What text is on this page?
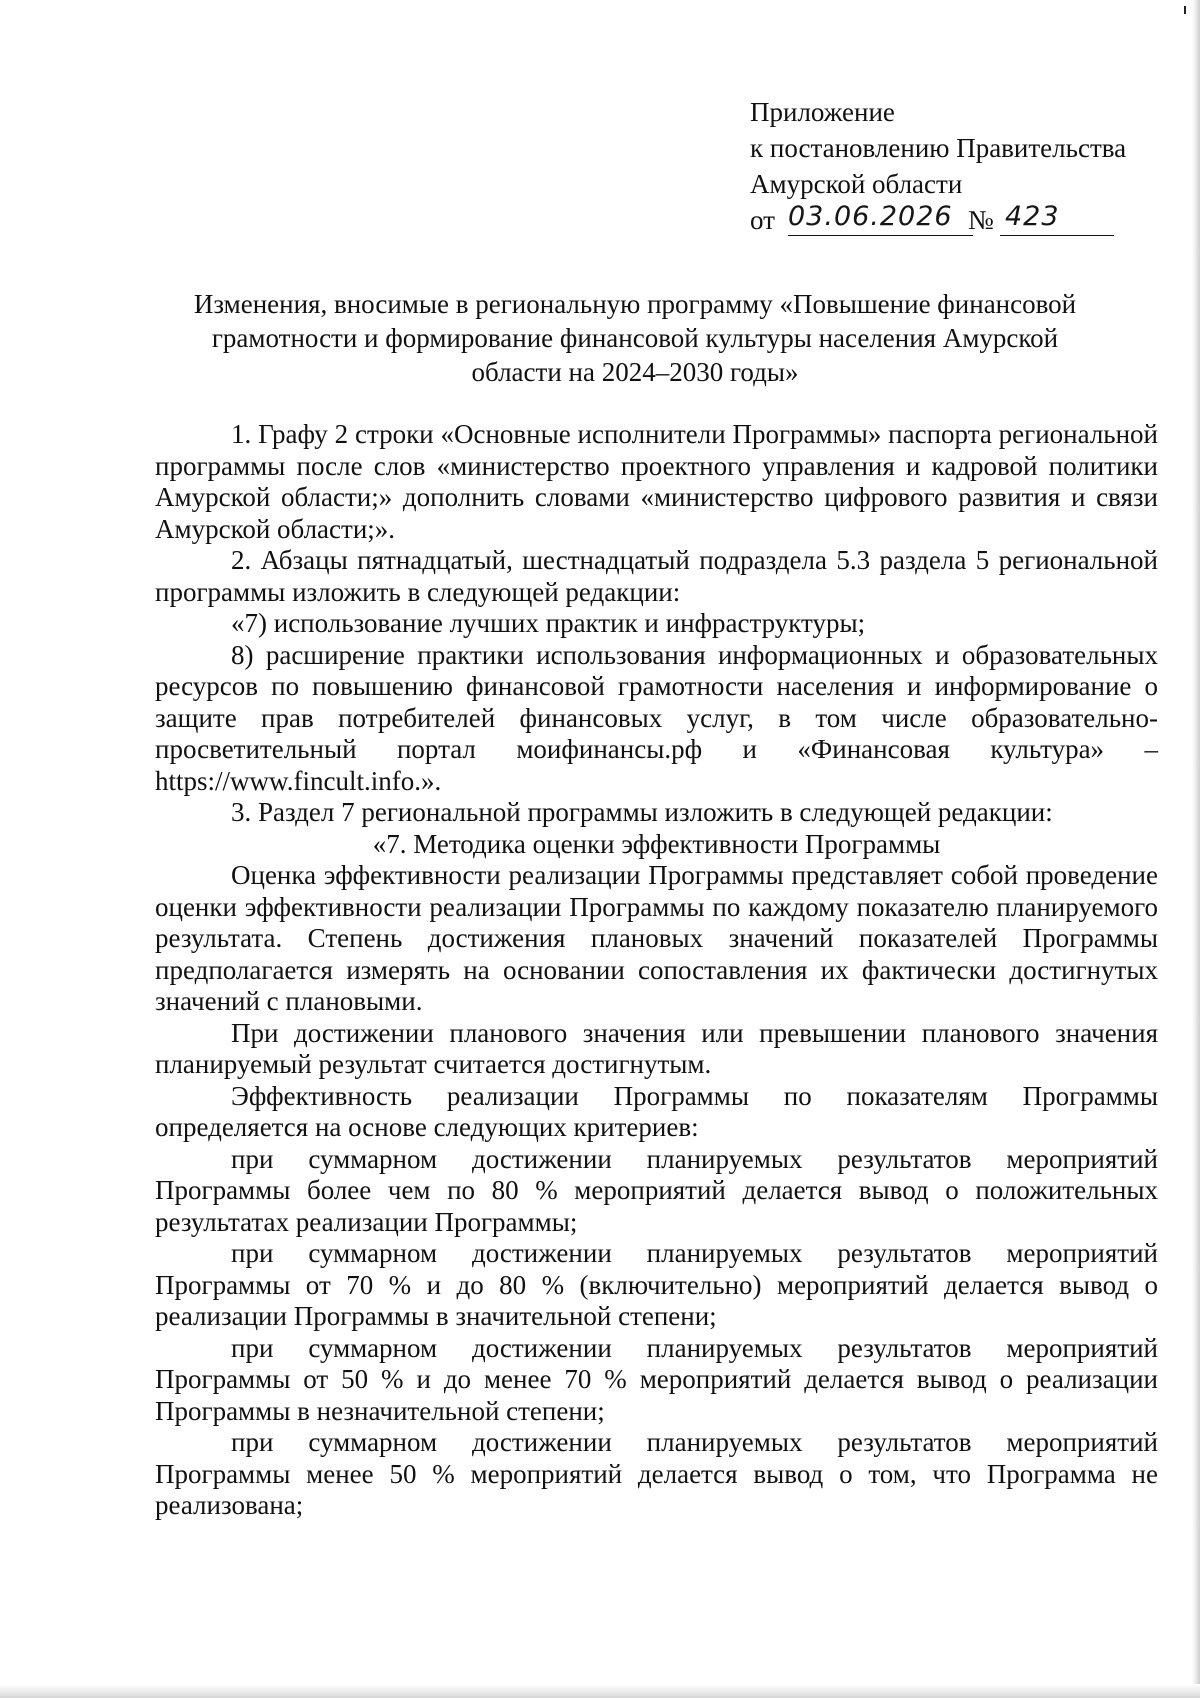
Приложение
к постановлению Правительства
Амурской области
от 03.06.2026 № 423
Изменения, вносимые в региональную программу «Повышение финансовой
грамотности и формирование финансовой культуры населения Амурской
области на 2024–2030 годы»

1. Графу 2 строки «Основные исполнители Программы» паспорта региональной программы после слов «министерство проектного управления и кадровой политики Амурской области;» дополнить словами «министерство цифрового развития и связи Амурской области;».

2. Абзацы пятнадцатый, шестнадцатый подраздела 5.3 раздела 5 региональной программы изложить в следующей редакции:

«7) использование лучших практик и инфраструктуры;

8) расширение практики использования информационных и образовательных ресурсов по повышению финансовой грамотности населения и информирование о защите прав потребителей финансовых услуг, в том числе образовательно-просветительный портал моифинансы.рф и «Финансовая культура» – https://www.fincult.info.».

3. Раздел 7 региональной программы изложить в следующей редакции:

«7. Методика оценки эффективности Программы

Оценка эффективности реализации Программы представляет собой проведение оценки эффективности реализации Программы по каждому показателю планируемого результата. Степень достижения плановых значений показателей Программы предполагается измерять на основании сопоставления их фактически достигнутых значений с плановыми.

При достижении планового значения или превышении планового значения планируемый результат считается достигнутым.

Эффективность реализации Программы по показателям Программы определяется на основе следующих критериев:

при суммарном достижении планируемых результатов мероприятий Программы более чем по 80 % мероприятий делается вывод о положительных результатах реализации Программы;

при суммарном достижении планируемых результатов мероприятий Программы от 70 % и до 80 % (включительно) мероприятий делается вывод о реализации Программы в значительной степени;

при суммарном достижении планируемых результатов мероприятий Программы от 50 % и до менее 70 % мероприятий делается вывод о реализации Программы в незначительной степени;

при суммарном достижении планируемых результатов мероприятий Программы менее 50 % мероприятий делается вывод о том, что Программа не реализована;
